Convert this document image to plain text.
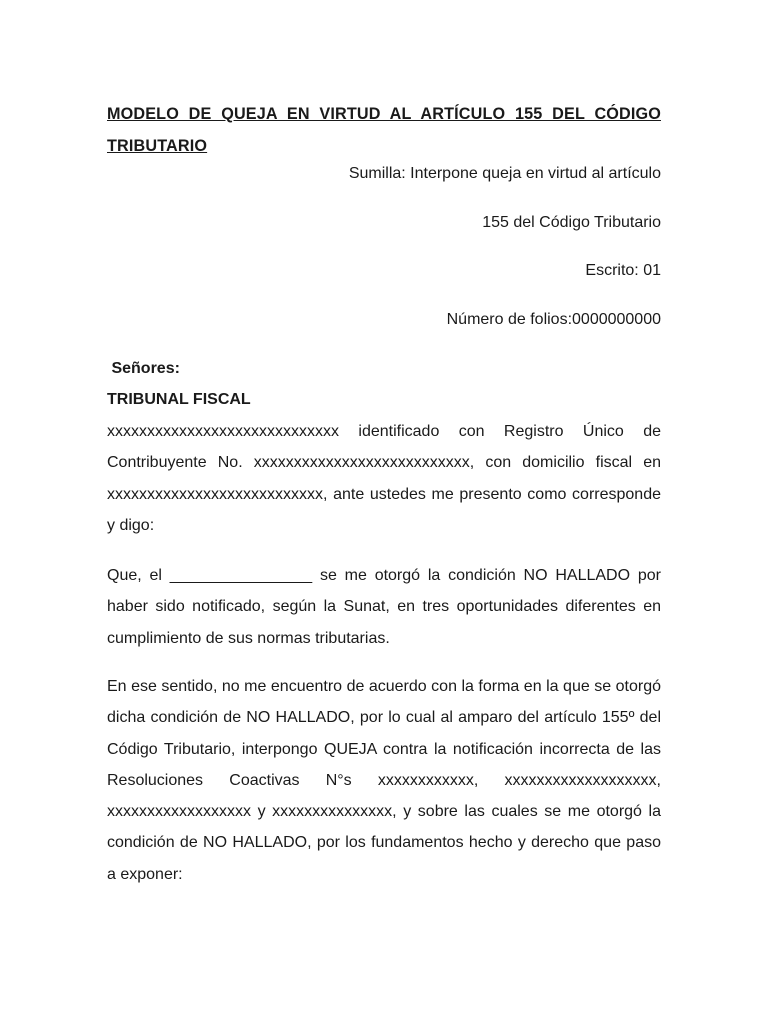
MODELO DE QUEJA EN VIRTUD AL ARTÍCULO 155 DEL CÓDIGO TRIBUTARIO
Sumilla: Interpone queja en virtud al artículo
155 del Código Tributario
Escrito: 01
Número de folios:0000000000
Señores:
TRIBUNAL FISCAL
xxxxxxxxxxxxxxxxxxxxxxxxxxxxx identificado con Registro Único de Contribuyente No. xxxxxxxxxxxxxxxxxxxxxxxxxxx, con domicilio fiscal en xxxxxxxxxxxxxxxxxxxxxxxxxxx, ante ustedes me presento como corresponde y digo:
Que, el ________________ se me otorgó la condición NO HALLADO por haber sido notificado, según la Sunat, en tres oportunidades diferentes en cumplimiento de sus normas tributarias.
En ese sentido, no me encuentro de acuerdo con la forma en la que se otorgó dicha condición de NO HALLADO, por lo cual al amparo del artículo 155º del Código Tributario, interpongo QUEJA contra la notificación incorrecta de las Resoluciones Coactivas N°s xxxxxxxxxxxx, xxxxxxxxxxxxxxxxxxx, xxxxxxxxxxxxxxxxxx y xxxxxxxxxxxxxxx, y sobre las cuales se me otorgó la condición de NO HALLADO, por los fundamentos hecho y derecho que paso a exponer:
